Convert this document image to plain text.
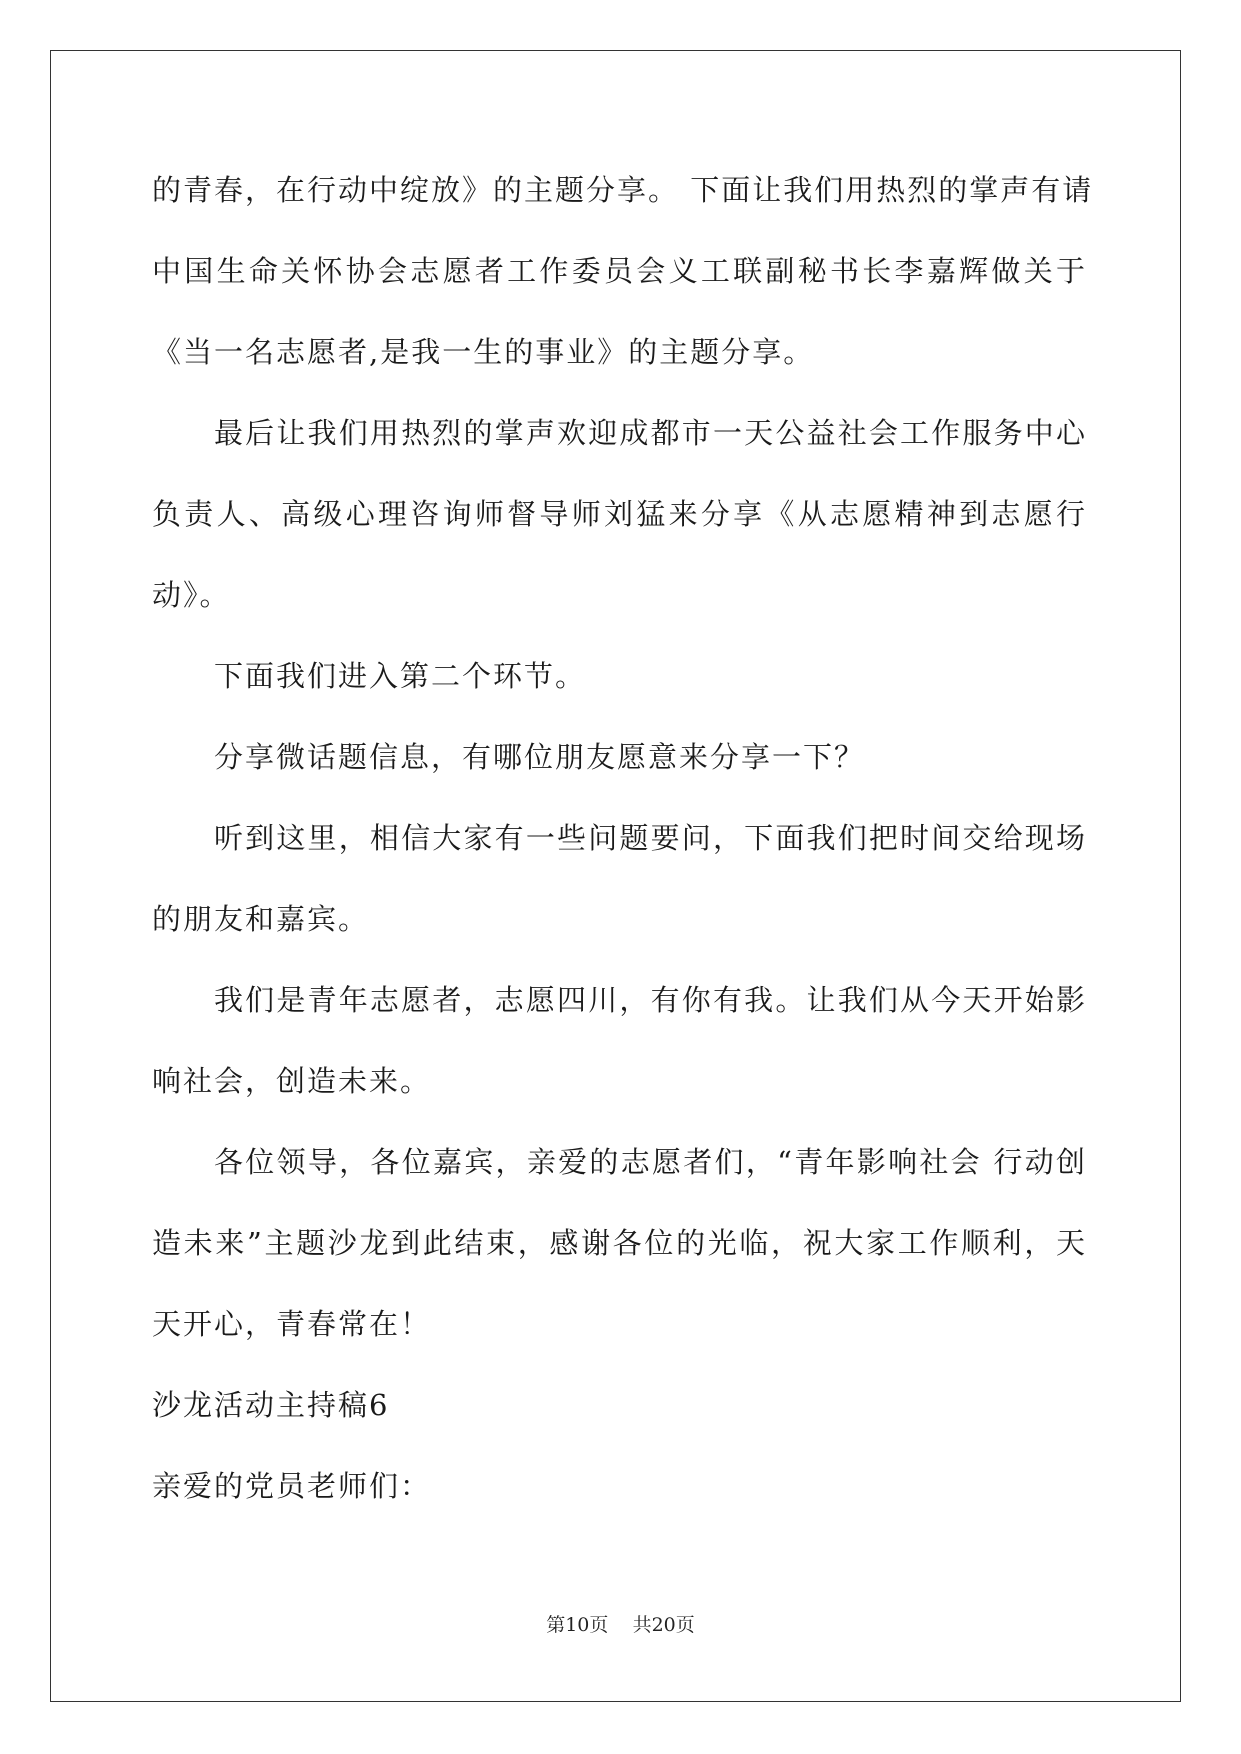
的青春，在行动中绽放》的主题分享。 下面让我们用热烈的掌声有请
中国生命关怀协会志愿者工作委员会义工联副秘书长李嘉辉做关于
《当一名志愿者,是我一生的事业》的主题分享。
最后让我们用热烈的掌声欢迎成都市一天公益社会工作服务中心
负责人、高级心理咨询师督导师刘猛来分享《从志愿精神到志愿行
动》。
下面我们进入第二个环节。
分享微话题信息，有哪位朋友愿意来分享一下？
听到这里，相信大家有一些问题要问，下面我们把时间交给现场
的朋友和嘉宾。
我们是青年志愿者，志愿四川，有你有我。让我们从今天开始影
响社会，创造未来。
各位领导，各位嘉宾，亲爱的志愿者们，“青年影响社会 行动创
造未来”主题沙龙到此结束，感谢各位的光临，祝大家工作顺利，天
天开心，青春常在！
沙龙活动主持稿6
亲爱的党员老师们：
第10页 共20页
